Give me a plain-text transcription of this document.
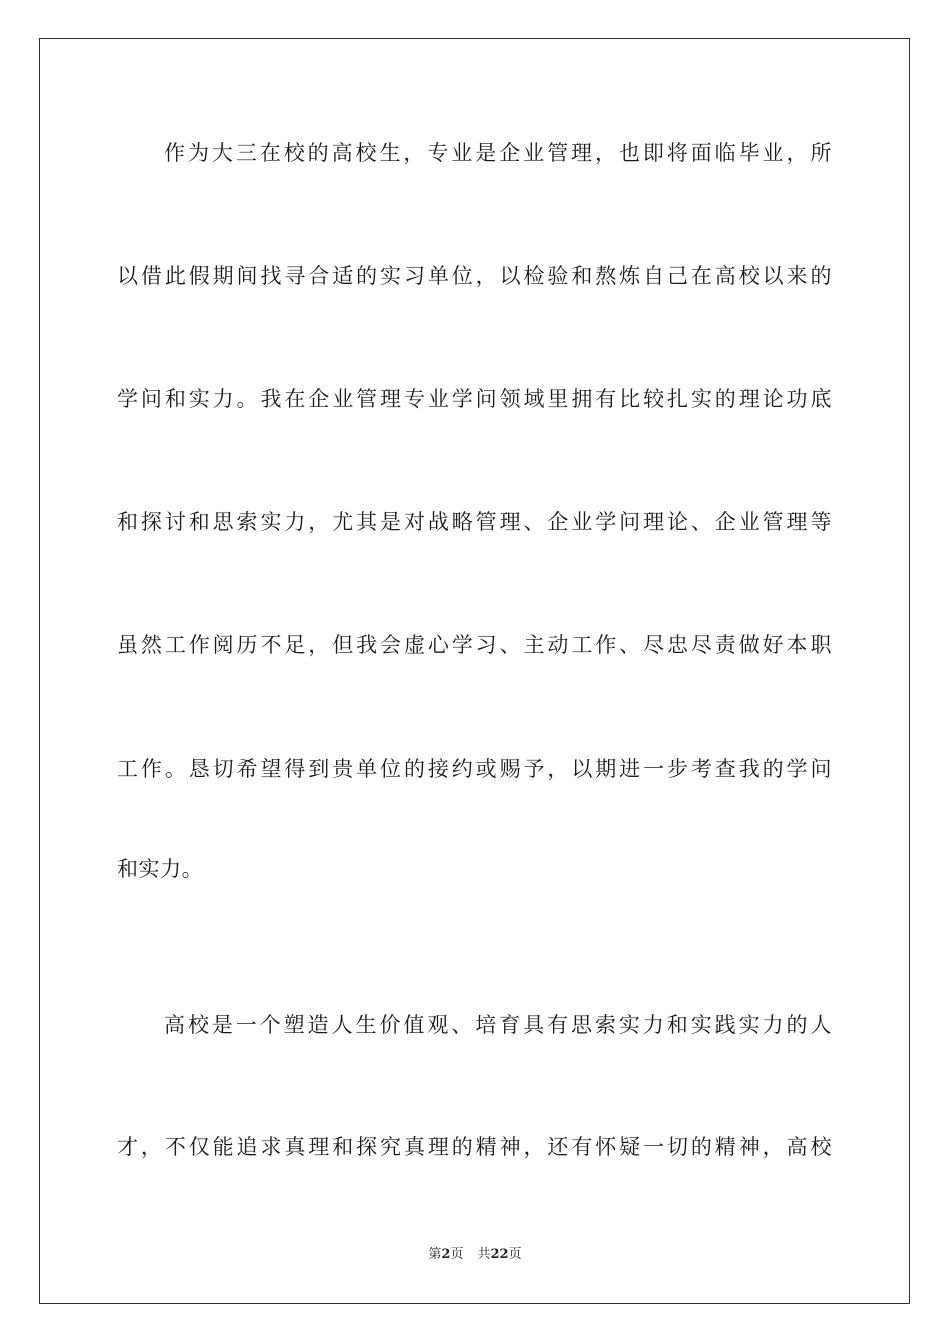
作为大三在校的高校生，专业是企业管理，也即将面临毕业，所
以借此假期间找寻合适的实习单位，以检验和熬炼自己在高校以来的
学问和实力。我在企业管理专业学问领域里拥有比较扎实的理论功底
和探讨和思索实力，尤其是对战略管理、企业学问理论、企业管理等
虽然工作阅历不足，但我会虚心学习、主动工作、尽忠尽责做好本职
工作。恳切希望得到贵单位的接约或赐予，以期进一步考查我的学问
和实力。
高校是一个塑造人生价值观、培育具有思索实力和实践实力的人
才，不仅能追求真理和探究真理的精神，还有怀疑一切的精神，高校
第2页 共22页
